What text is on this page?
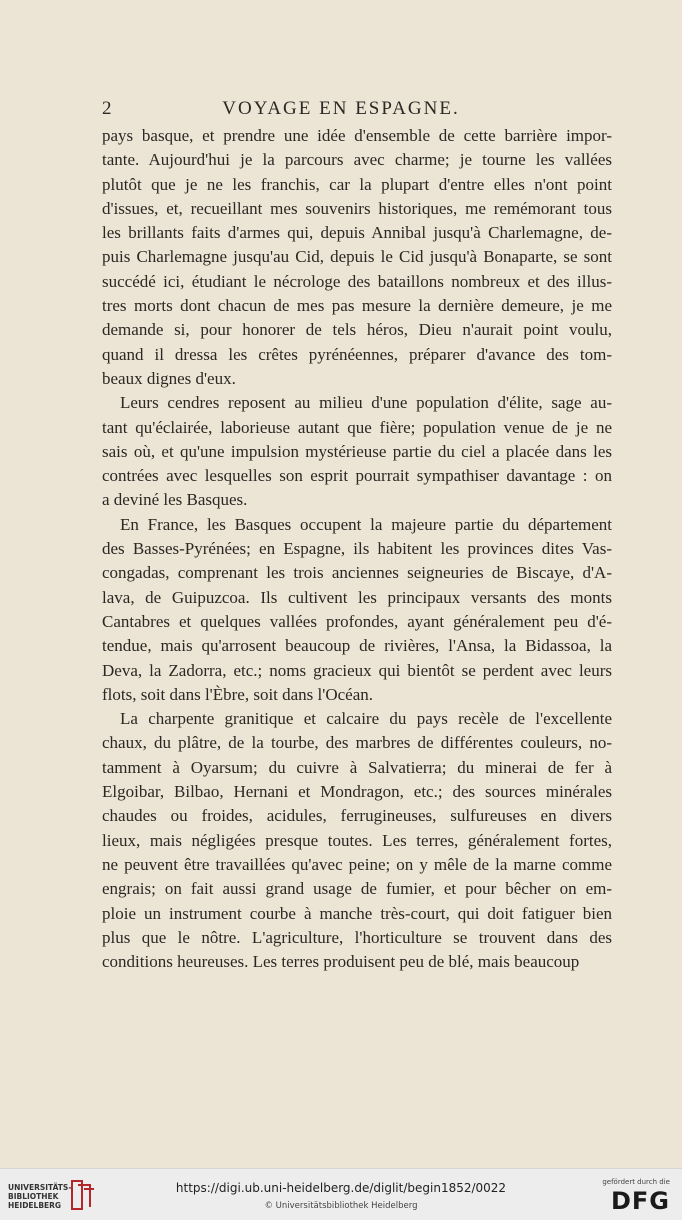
2	VOYAGE EN ESPAGNE.
pays basque, et prendre une idée d'ensemble de cette barrière impor-
tante. Aujourd'hui je la parcours avec charme; je tourne les vallées
plutôt que je ne les franchis, car la plupart d'entre elles n'ont point
d'issues, et, recueillant mes souvenirs historiques, me remémorant tous
les brillants faits d'armes qui, depuis Annibal jusqu'à Charlemagne, de-
puis Charlemagne jusqu'au Cid, depuis le Cid jusqu'à Bonaparte, se sont
succédé ici, étudiant le nécrologe des bataillons nombreux et des illus-
tres morts dont chacun de mes pas mesure la dernière demeure, je me
demande si, pour honorer de tels héros, Dieu n'aurait point voulu,
quand il dressa les crêtes pyrénéennes, préparer d'avance des tom-
beaux dignes d'eux.
Leurs cendres reposent au milieu d'une population d'élite, sage au-
tant qu'éclairée, laborieuse autant que fière; population venue de je ne
sais où, et qu'une impulsion mystérieuse partie du ciel a placée dans les
contrées avec lesquelles son esprit pourrait sympathiser davantage : on
a deviné les Basques.
En France, les Basques occupent la majeure partie du département
des Basses-Pyrénées; en Espagne, ils habitent les provinces dites Vas-
congadas, comprenant les trois anciennes seigneuries de Biscaye, d'A-
lava, de Guipuzcoa. Ils cultivent les principaux versants des monts
Cantabres et quelques vallées profondes, ayant généralement peu d'é-
tendue, mais qu'arrosent beaucoup de rivières, l'Ansa, la Bidassoa, la
Deva, la Zadorra, etc.; noms gracieux qui bientôt se perdent avec leurs
flots, soit dans l'Èbre, soit dans l'Océan.
La charpente granitique et calcaire du pays recèle de l'excellente
chaux, du plâtre, de la tourbe, des marbres de différentes couleurs, no-
tamment à Oyarsum; du cuivre à Salvatierra; du minerai de fer à
Elgoibar, Bilbao, Hernani et Mondragon, etc.; des sources minérales
chaudes ou froides, acidules, ferrugineuses, sulfureuses en divers
lieux, mais négligées presque toutes. Les terres, généralement fortes,
ne peuvent être travaillées qu'avec peine; on y mêle de la marne comme
engrais; on fait aussi grand usage de fumier, et pour bêcher on em-
ploie un instrument courbe à manche très-court, qui doit fatiguer bien
plus que le nôtre. L'agriculture, l'horticulture se trouvent dans des
conditions heureuses. Les terres produisent peu de blé, mais beaucoup
UNIVERSITÄTS-
BIBLIOTHEK
HEIDELBERG
https://digi.ub.uni-heidelberg.de/diglit/begin1852/0022
© Universitätsbibliothek Heidelberg
gefördert durch die
DFG
